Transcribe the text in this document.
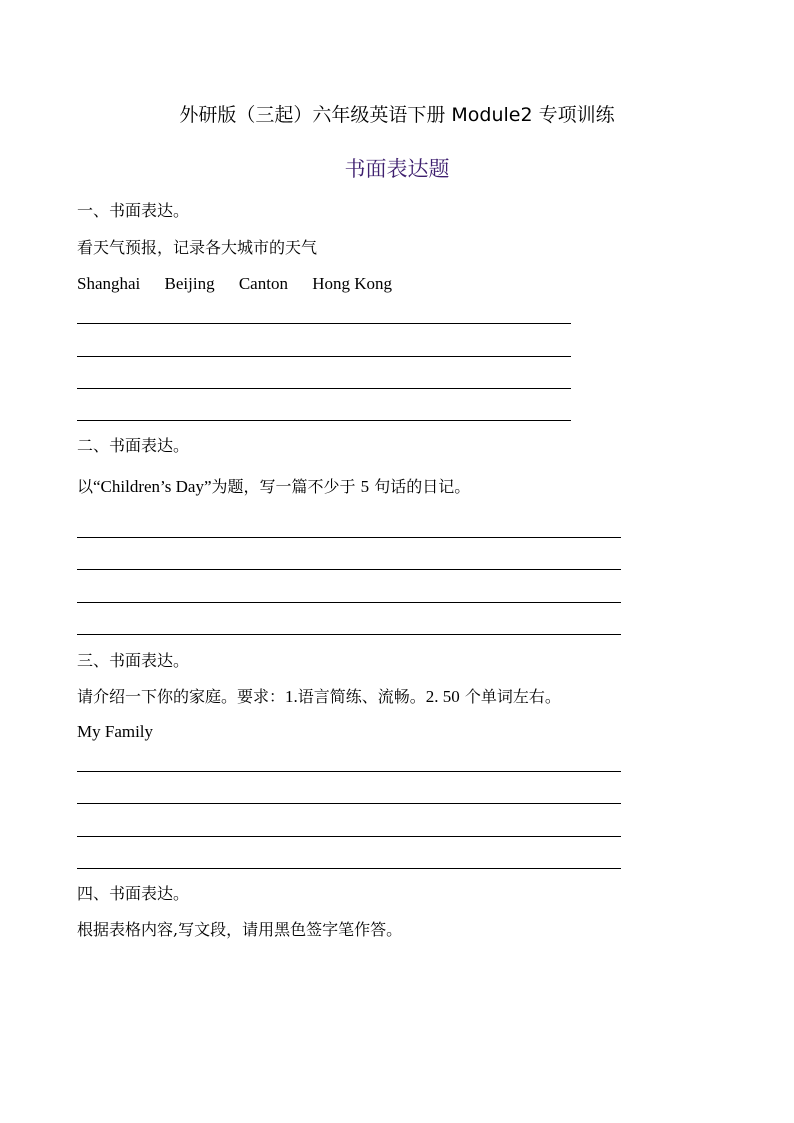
外研版（三起）六年级英语下册 Module2 专项训练
书面表达题
一、书面表达。
看天气预报，记录各大城市的天气
Shanghai Beijing Canton Hong Kong
二、书面表达。
以“Children’s Day”为题，写一篇不少于 5 句话的日记。
三、书面表达。
请介绍一下你的家庭。要求：1.语言简练、流畅。2. 50 个单词左右。
My Family
四、书面表达。
根据表格内容,写文段，请用黑色签字笔作答。
